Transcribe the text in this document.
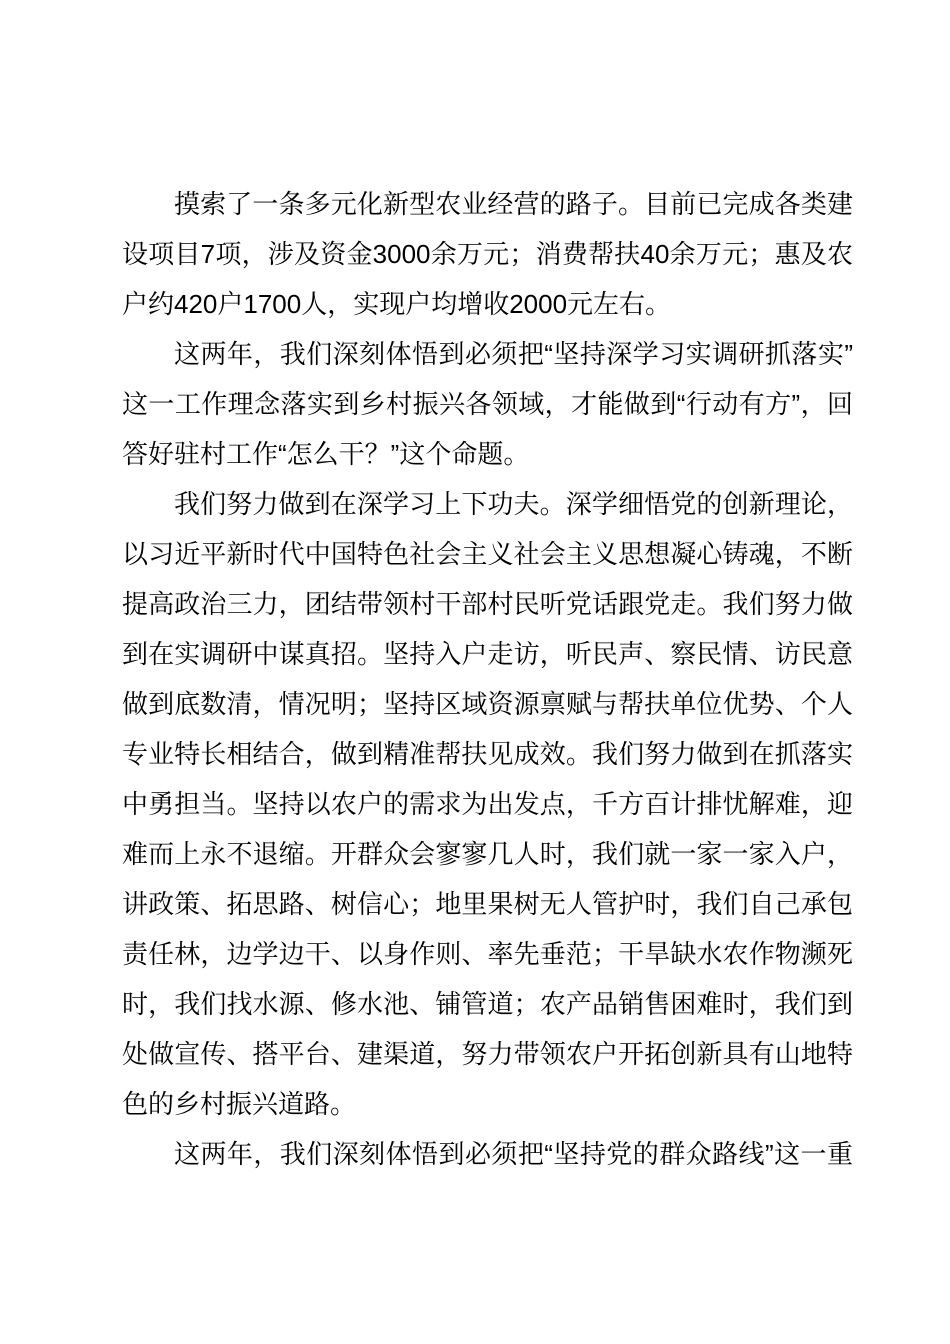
摸索了一条多元化新型农业经营的路子。目前已完成各类建
设项目7项，涉及资金3000余万元；消费帮扶40余万元；惠及农
户约420户1700人，实现户均增收2000元左右。
这两年，我们深刻体悟到必须把“坚持深学习实调研抓落实”
这一工作理念落实到乡村振兴各领域，才能做到“行动有方”，回
答好驻村工作“怎么干？”这个命题。
我们努力做到在深学习上下功夫。深学细悟党的创新理论，
以习近平新时代中国特色社会主义社会主义思想凝心铸魂，不断
提高政治三力，团结带领村干部村民听党话跟党走。我们努力做
到在实调研中谋真招。坚持入户走访，听民声、察民情、访民意
做到底数清，情况明；坚持区域资源禀赋与帮扶单位优势、个人
专业特长相结合，做到精准帮扶见成效。我们努力做到在抓落实
中勇担当。坚持以农户的需求为出发点，千方百计排忧解难，迎
难而上永不退缩。开群众会寥寥几人时，我们就一家一家入户，
讲政策、拓思路、树信心；地里果树无人管护时，我们自己承包
责任林，边学边干、以身作则、率先垂范；干旱缺水农作物濒死
时，我们找水源、修水池、铺管道；农产品销售困难时，我们到
处做宣传、搭平台、建渠道，努力带领农户开拓创新具有山地特
色的乡村振兴道路。
这两年，我们深刻体悟到必须把“坚持党的群众路线”这一重
